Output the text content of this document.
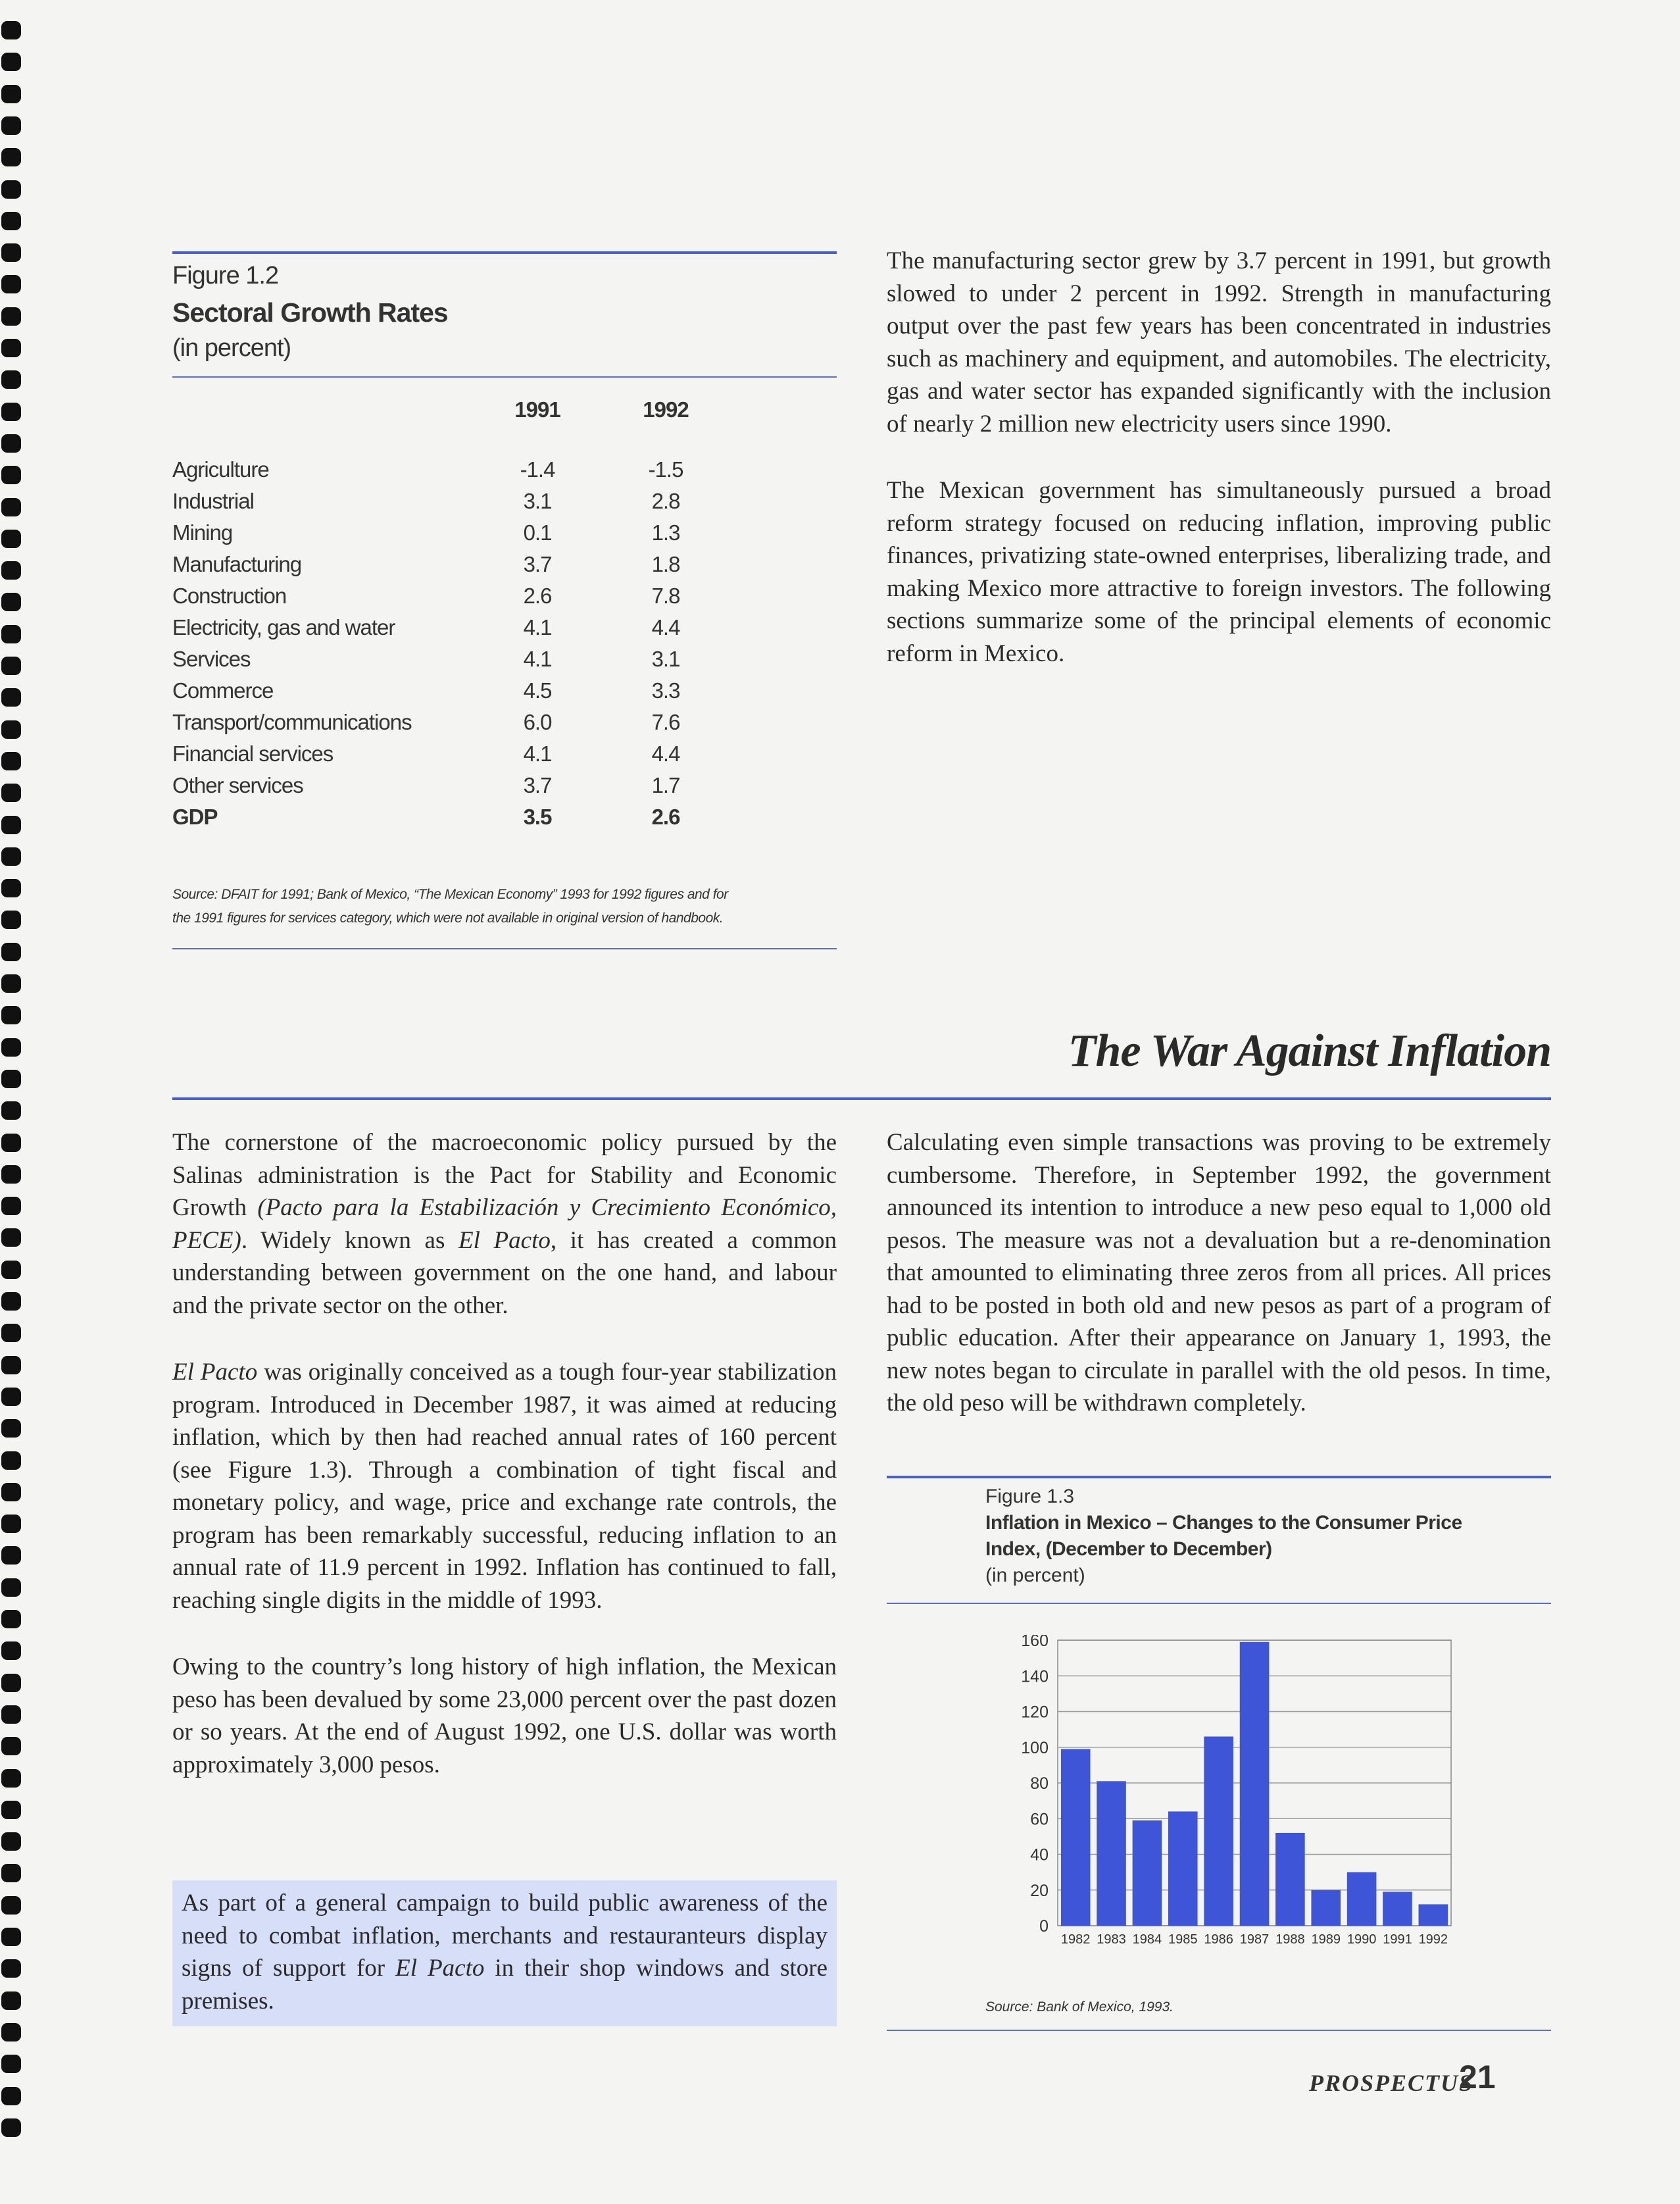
Figure 1.2
Sectoral Growth Rates
(in percent)
	1991	1992
Agriculture	-1.4	-1.5
Industrial	3.1	2.8
Mining	0.1	1.3
Manufacturing	3.7	1.8
Construction	2.6	7.8
Electricity, gas and water	4.1	4.4
Services	4.1	3.1
Commerce	4.5	3.3
Transport/communications	6.0	7.6
Financial services	4.1	4.4
Other services	3.7	1.7
GDP	3.5	2.6
Source: DFAIT for 1991; Bank of Mexico, “The Mexican Economy” 1993 for 1992 figures and for
the 1991 figures for services category, which were not available in original version of handbook.

The manufacturing sector grew by 3.7 percent in 1991, but growth slowed to under 2 percent in 1992. Strength in manufacturing output over the past few years has been concentrated in industries such as machinery and equipment, and automobiles. The electricity, gas and water sector has expanded significantly with the inclusion of nearly 2 million new electricity users since 1990.

The Mexican government has simultaneously pursued a broad reform strategy focused on reducing inflation, improving public finances, privatizing state-owned enterprises, liberalizing trade, and making Mexico more attractive to foreign investors. The following sections summarize some of the principal elements of economic reform in Mexico.

The War Against Inflation

The cornerstone of the macroeconomic policy pursued by the Salinas administration is the Pact for Stability and Economic Growth (Pacto para la Estabilización y Crecimiento Económico, PECE). Widely known as El Pacto, it has created a common understanding between government on the one hand, and labour and the private sector on the other.

El Pacto was originally conceived as a tough four-year stabilization program. Introduced in December 1987, it was aimed at reducing inflation, which by then had reached annual rates of 160 percent (see Figure 1.3). Through a combination of tight fiscal and monetary policy, and wage, price and exchange rate controls, the program has been remarkably successful, reducing inflation to an annual rate of 11.9 percent in 1992. Inflation has continued to fall, reaching single digits in the middle of 1993.

Owing to the country’s long history of high inflation, the Mexican peso has been devalued by some 23,000 percent over the past dozen or so years. At the end of August 1992, one U.S. dollar was worth approximately 3,000 pesos.

As part of a general campaign to build public awareness of the need to combat inflation, merchants and restauranteurs display signs of support for El Pacto in their shop windows and store premises.

Calculating even simple transactions was proving to be extremely cumbersome. Therefore, in September 1992, the government announced its intention to introduce a new peso equal to 1,000 old pesos. The measure was not a devaluation but a re-denomination that amounted to eliminating three zeros from all prices. All prices had to be posted in both old and new pesos as part of a program of public education. After their appearance on January 1, 1993, the new notes began to circulate in parallel with the old pesos. In time, the old peso will be withdrawn completely.

Figure 1.3
Inflation in Mexico – Changes to the Consumer Price
Index, (December to December)
(in percent)
0
20
40
60
80
100
120
140
160
1982 1983 1984 1985 1986 1987 1988 1989 1990 1991 1992
Source: Bank of Mexico, 1993.
PROSPECTUS
21
